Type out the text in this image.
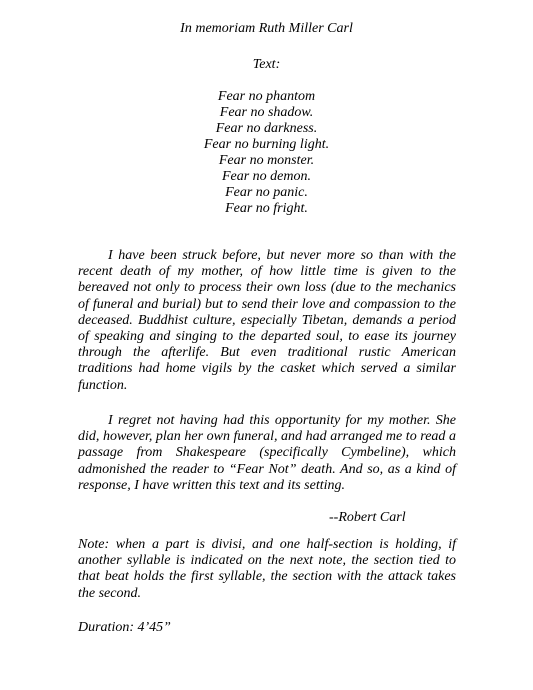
In memoriam Ruth Miller Carl
Text:
Fear no phantom
Fear no shadow.
Fear no darkness.
Fear no burning light.
Fear no monster.
Fear no demon.
Fear no panic.
Fear no fright.

I have been struck before, but never more so than with the recent death of my mother, of how little time is given to the bereaved not only to process their own loss (due to the mechanics of funeral and burial) but to send their love and compassion to the deceased. Buddhist culture, especially Tibetan, demands a period of speaking and singing to the departed soul, to ease its journey through the afterlife. But even traditional rustic American traditions had home vigils by the casket which served a similar function.

I regret not having had this opportunity for my mother. She did, however, plan her own funeral, and had arranged me to read a passage from Shakespeare (specifically Cymbeline), which admonished the reader to “Fear Not” death. And so, as a kind of response, I have written this text and its setting.

--Robert Carl

Note: when a part is divisi, and one half-section is holding, if another syllable is indicated on the next note, the section tied to that beat holds the first syllable, the section with the attack takes the second.

Duration: 4’45”
